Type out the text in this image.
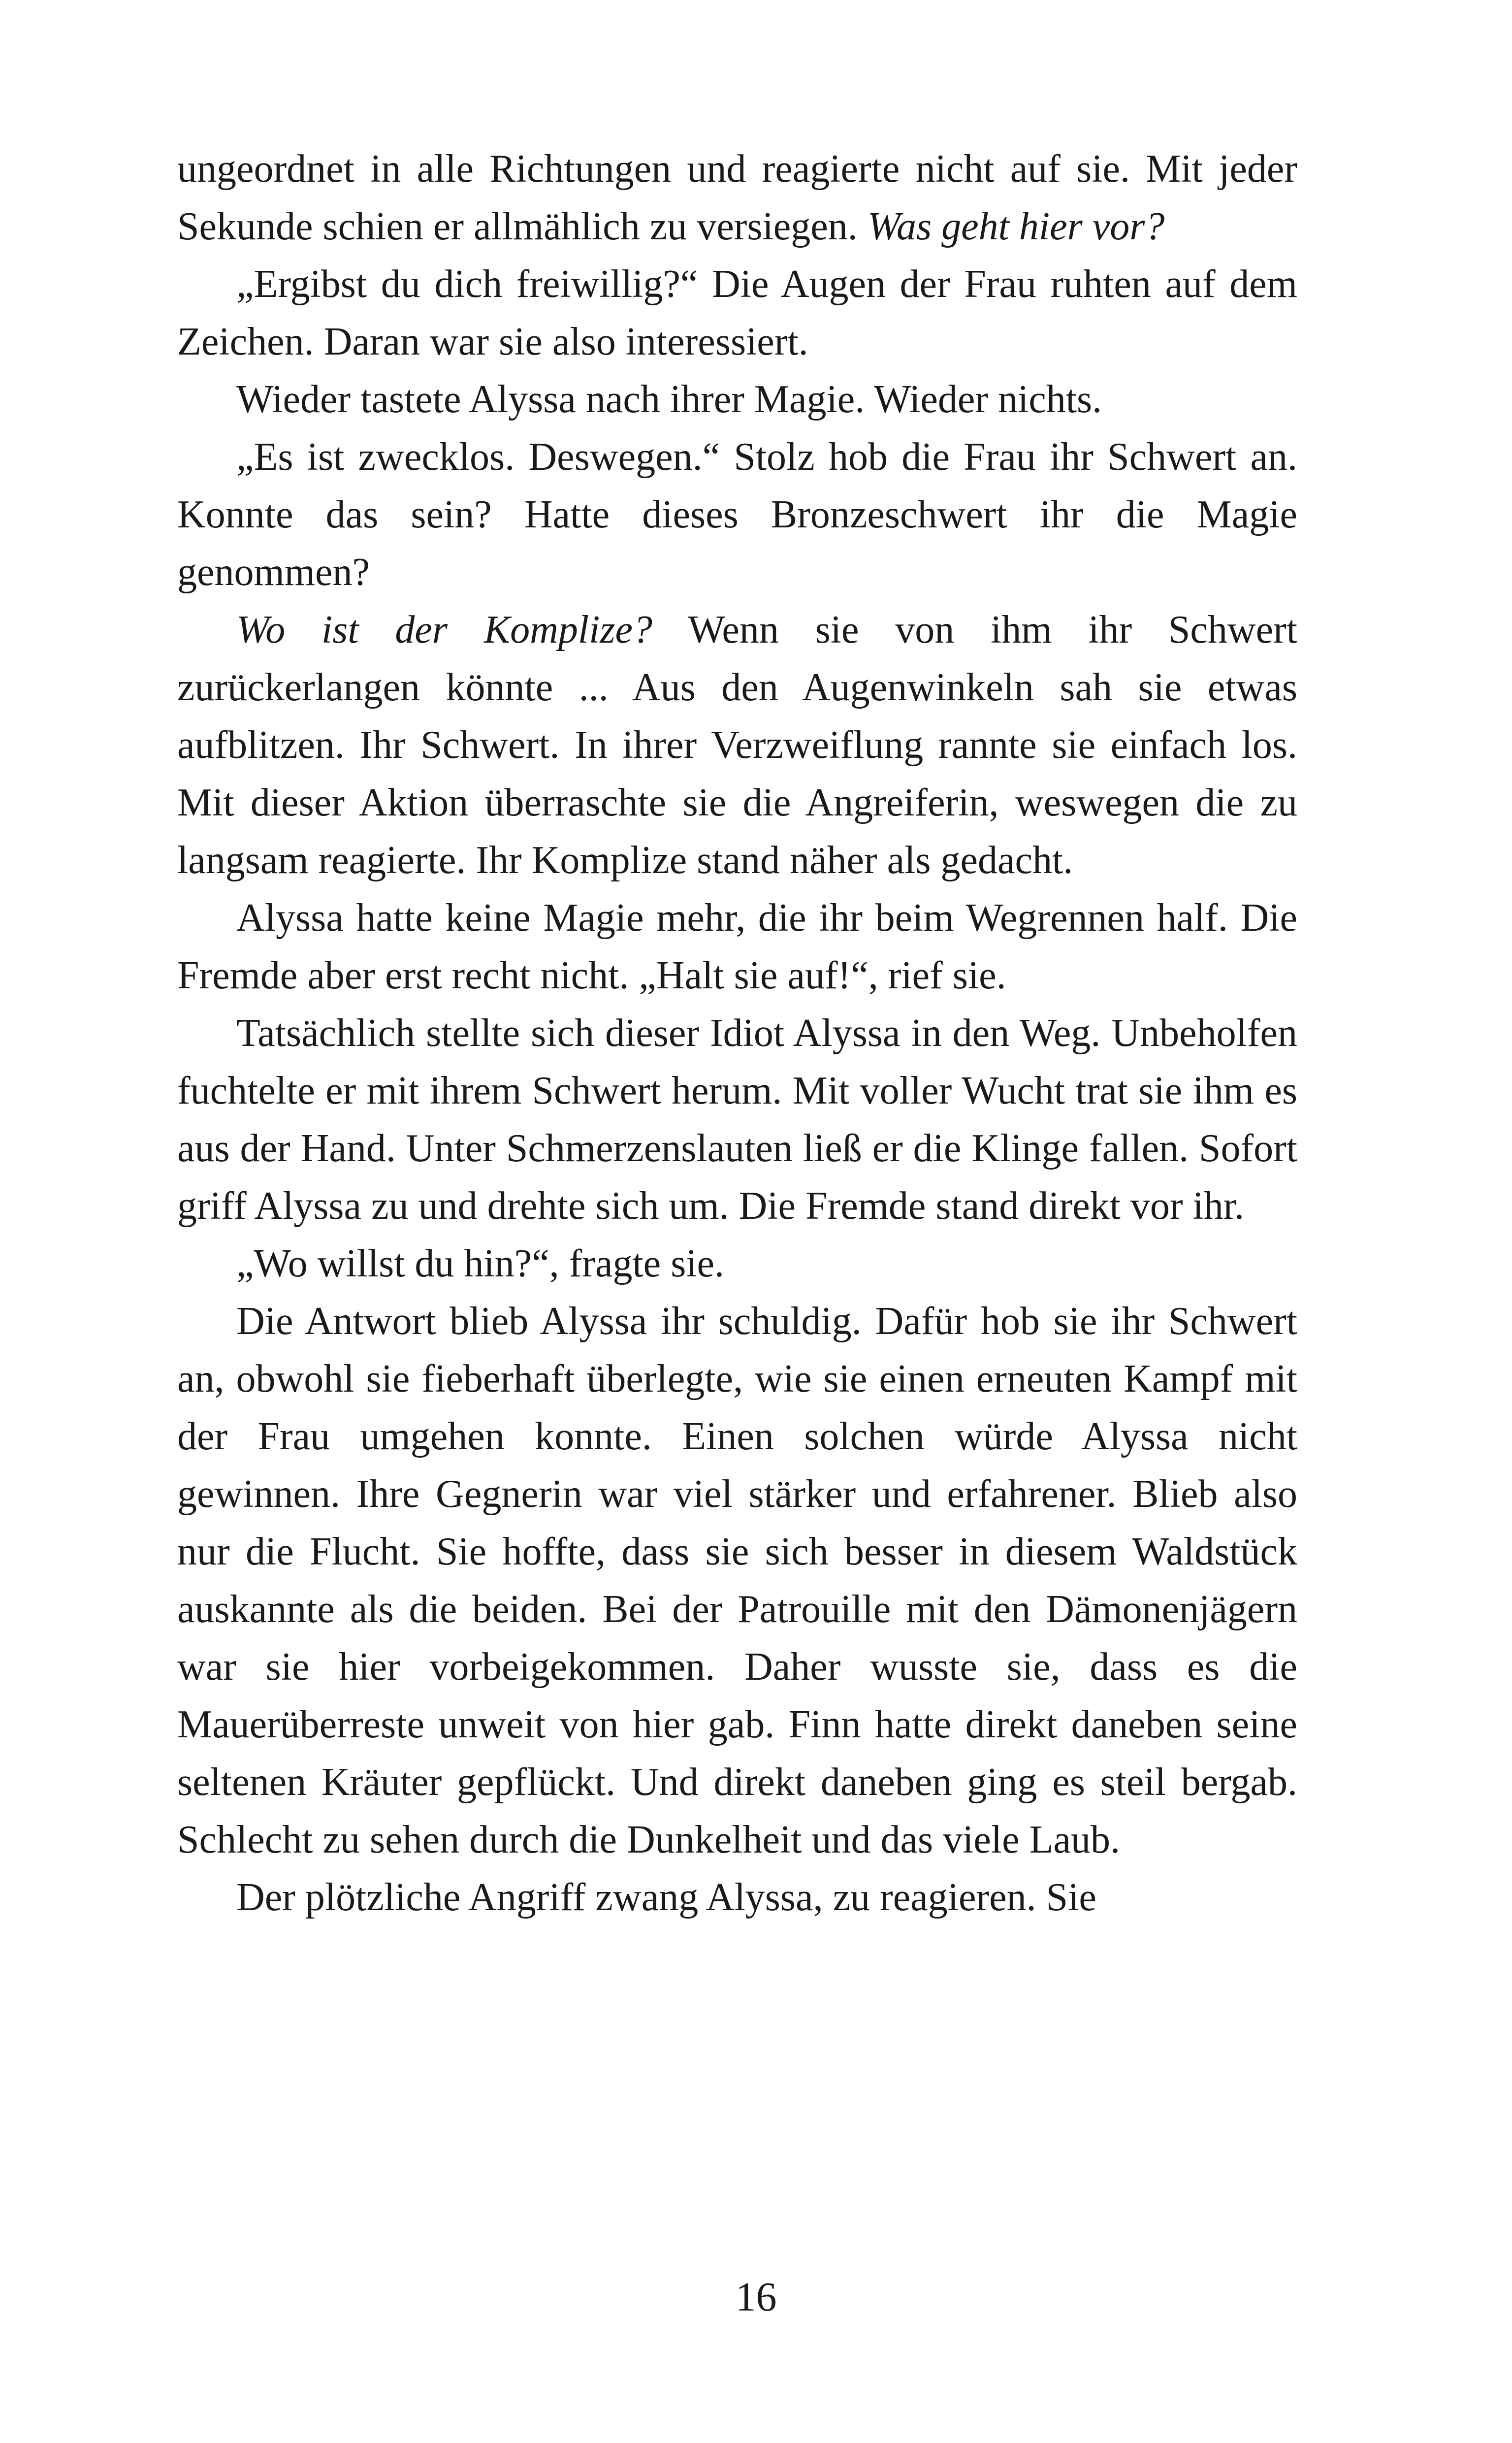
ungeordnet in alle Richtungen und reagierte nicht auf sie. Mit jeder Sekunde schien er allmählich zu versiegen. Was geht hier vor?

„Ergibst du dich freiwillig?“ Die Augen der Frau ruhten auf dem Zeichen. Daran war sie also interessiert.

Wieder tastete Alyssa nach ihrer Magie. Wieder nichts.

„Es ist zwecklos. Deswegen.“ Stolz hob die Frau ihr Schwert an. Konnte das sein? Hatte dieses Bronzeschwert ihr die Magie genommen?

Wo ist der Komplize? Wenn sie von ihm ihr Schwert zurückerlangen könnte ... Aus den Augenwinkeln sah sie etwas aufblitzen. Ihr Schwert. In ihrer Verzweiflung rannte sie einfach los. Mit dieser Aktion überraschte sie die Angreiferin, weswegen die zu langsam reagierte. Ihr Komplize stand näher als gedacht.

Alyssa hatte keine Magie mehr, die ihr beim Wegrennen half. Die Fremde aber erst recht nicht. „Halt sie auf!“, rief sie.

Tatsächlich stellte sich dieser Idiot Alyssa in den Weg. Unbeholfen fuchtelte er mit ihrem Schwert herum. Mit voller Wucht trat sie ihm es aus der Hand. Unter Schmerzenslauten ließ er die Klinge fallen. Sofort griff Alyssa zu und drehte sich um. Die Fremde stand direkt vor ihr.

„Wo willst du hin?“, fragte sie.

Die Antwort blieb Alyssa ihr schuldig. Dafür hob sie ihr Schwert an, obwohl sie fieberhaft überlegte, wie sie einen erneuten Kampf mit der Frau umgehen konnte. Einen solchen würde Alyssa nicht gewinnen. Ihre Gegnerin war viel stärker und erfahrener. Blieb also nur die Flucht. Sie hoffte, dass sie sich besser in diesem Waldstück auskannte als die beiden. Bei der Patrouille mit den Dämonenjägern war sie hier vorbeigekommen. Daher wusste sie, dass es die Mauerüberreste unweit von hier gab. Finn hatte direkt daneben seine seltenen Kräuter gepflückt. Und direkt daneben ging es steil bergab. Schlecht zu sehen durch die Dunkelheit und das viele Laub.

Der plötzliche Angriff zwang Alyssa, zu reagieren. Sie

16
